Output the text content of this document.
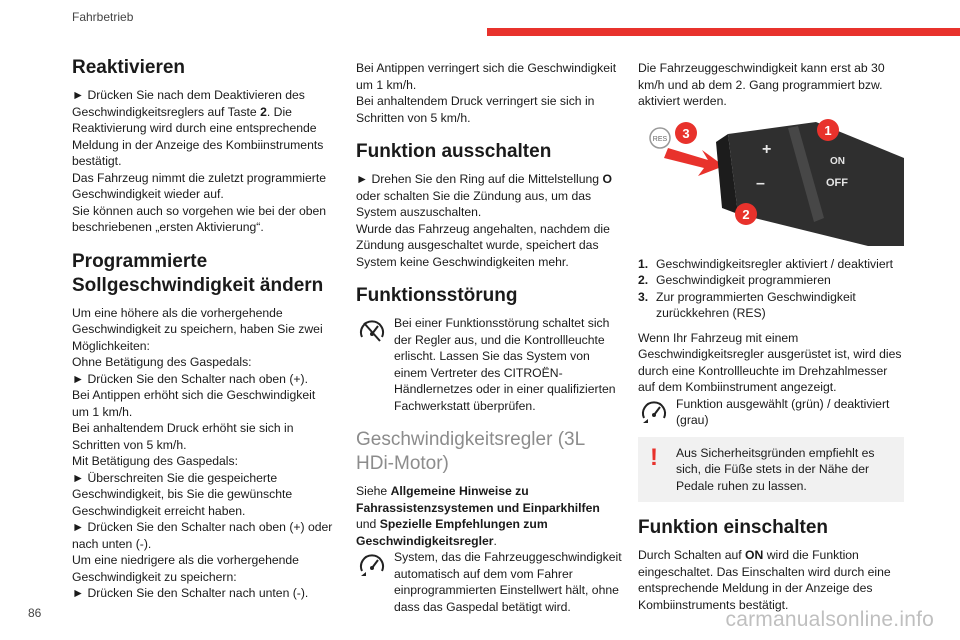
Fahrbetrieb
Reaktivieren

► Drücken Sie nach dem Deaktivieren des Geschwindigkeitsreglers auf Taste 2. Die Reaktivierung wird durch eine entsprechende Meldung in der Anzeige des Kombiinstruments bestätigt.

Das Fahrzeug nimmt die zuletzt programmierte Geschwindigkeit wieder auf.

Sie können auch so vorgehen wie bei der oben beschriebenen „ersten Aktivierung“.

Programmierte Sollgeschwindigkeit ändern

Um eine höhere als die vorhergehende Geschwindigkeit zu speichern, haben Sie zwei Möglichkeiten:

Ohne Betätigung des Gaspedals:

► Drücken Sie den Schalter nach oben (+).

Bei Antippen erhöht sich die Geschwindigkeit um 1 km/h.

Bei anhaltendem Druck erhöht sie sich in Schritten von 5 km/h.

Mit Betätigung des Gaspedals:

► Überschreiten Sie die gespeicherte Geschwindigkeit, bis Sie die gewünschte Geschwindigkeit erreicht haben.

► Drücken Sie den Schalter nach oben (+) oder nach unten (-).

Um eine niedrigere als die vorhergehende Geschwindigkeit zu speichern:

► Drücken Sie den Schalter nach unten (-).

Bei Antippen verringert sich die Geschwindigkeit um 1 km/h.

Bei anhaltendem Druck verringert sie sich in Schritten von 5 km/h.

Funktion ausschalten

► Drehen Sie den Ring auf die Mittelstellung O oder schalten Sie die Zündung aus, um das System auszuschalten.

Wurde das Fahrzeug angehalten, nachdem die Zündung ausgeschaltet wurde, speichert das System keine Geschwindigkeiten mehr.

Funktionsstörung
Bei einer Funktionsstörung schaltet sich der Regler aus, und die Kontrollleuchte erlischt. Lassen Sie das System von einem Vertreter des CITROËN-Händlernetzes oder in einer qualifizierten Fachwerkstatt überprüfen.
Geschwindigkeitsregler (3L HDi-Motor)

Siehe Allgemeine Hinweise zu Fahrassistenzsystemen und Einparkhilfen und Spezielle Empfehlungen zum Geschwindigkeitsregler.

System, das die Fahrzeuggeschwindigkeit automatisch auf dem vom Fahrer einprogrammierten Einstellwert hält, ohne dass das Gaspedal betätigt wird.

Die Fahrzeuggeschwindigkeit kann erst ab 30 km/h und ab dem 2. Gang programmiert bzw. aktiviert werden.

RES 3
+
–
ON
OFF
1
2
1. Geschwindigkeitsregler aktiviert / deaktiviert
2. Geschwindigkeit programmieren
3. Zur programmierten Geschwindigkeit zurückkehren (RES)

Wenn Ihr Fahrzeug mit einem Geschwindigkeitsregler ausgerüstet ist, wird dies durch eine Kontrollleuchte im Drehzahlmesser auf dem Kombiinstrument angezeigt.

Funktion ausgewählt (grün) / deaktiviert (grau)
!	Aus Sicherheitsgründen empfiehlt es sich, die Füße stets in der Nähe der Pedale ruhen zu lassen.
Funktion einschalten

Durch Schalten auf ON wird die Funktion eingeschaltet. Das Einschalten wird durch eine entsprechende Meldung in der Anzeige des Kombiinstruments bestätigt.

86	carmanualsonline.info
